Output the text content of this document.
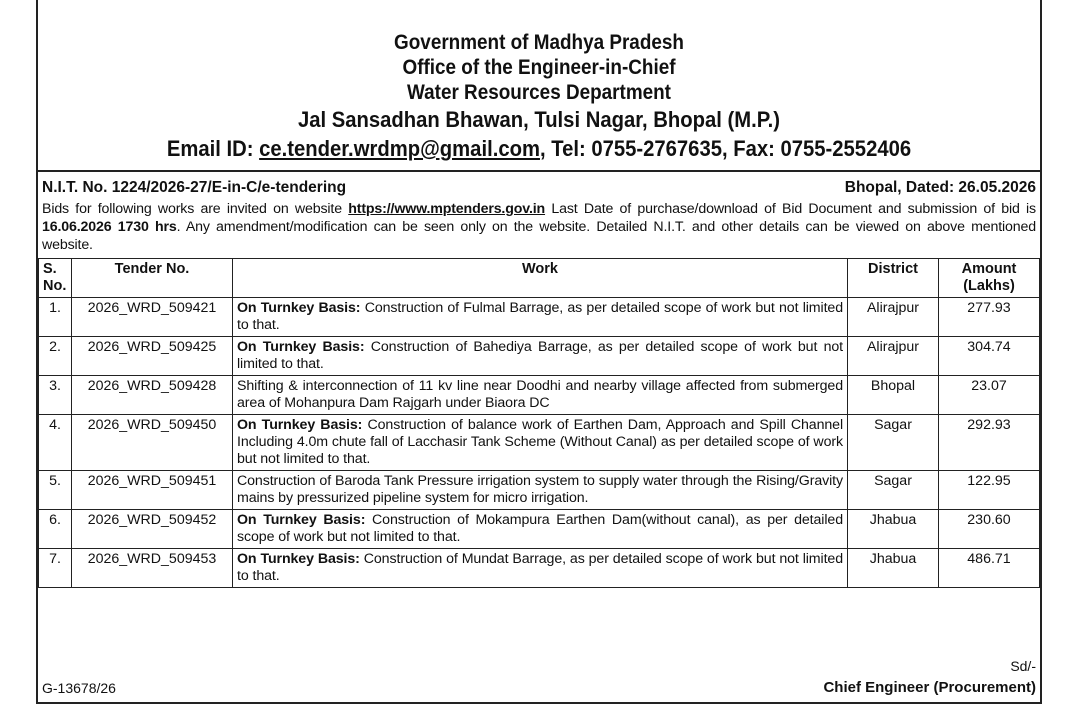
Government of Madhya Pradesh
Office of the Engineer-in-Chief
Water Resources Department
Jal Sansadhan Bhawan, Tulsi Nagar, Bhopal (M.P.)
Email ID: ce.tender.wrdmp@gmail.com, Tel: 0755-2767635, Fax: 0755-2552406
N.I.T. No. 1224/2026-27/E-in-C/e-tendering	Bhopal, Dated: 26.05.2026
Bids for following works are invited on website https://www.mptenders.gov.in Last Date of purchase/download of Bid Document and submission of bid is 16.06.2026 1730 hrs. Any amendment/modification can be seen only on the website. Detailed N.I.T. and other details can be viewed on above mentioned website.
S. No.	Tender No.	Work	District	Amount (Lakhs)
1.	2026_WRD_509421	On Turnkey Basis: Construction of Fulmal Barrage, as per detailed scope of work but not limited to that.	Alirajpur	277.93
2.	2026_WRD_509425	On Turnkey Basis: Construction of Bahediya Barrage, as per detailed scope of work but not limited to that.	Alirajpur	304.74
3.	2026_WRD_509428	Shifting & interconnection of 11 kv line near Doodhi and nearby village affected from submerged area of Mohanpura Dam Rajgarh under Biaora DC	Bhopal	23.07
4.	2026_WRD_509450	On Turnkey Basis: Construction of balance work of Earthen Dam, Approach and Spill Channel Including 4.0m chute fall of Lacchasir Tank Scheme (Without Canal) as per detailed scope of work but not limited to that.	Sagar	292.93
5.	2026_WRD_509451	Construction of Baroda Tank Pressure irrigation system to supply water through the Rising/Gravity mains by pressurized pipeline system for micro irrigation.	Sagar	122.95
6.	2026_WRD_509452	On Turnkey Basis: Construction of Mokampura Earthen Dam(without canal), as per detailed scope of work but not limited to that.	Jhabua	230.60
7.	2026_WRD_509453	On Turnkey Basis: Construction of Mundat Barrage, as per detailed scope of work but not limited to that.	Jhabua	486.71
Sd/-
G-13678/26	Chief Engineer (Procurement)
